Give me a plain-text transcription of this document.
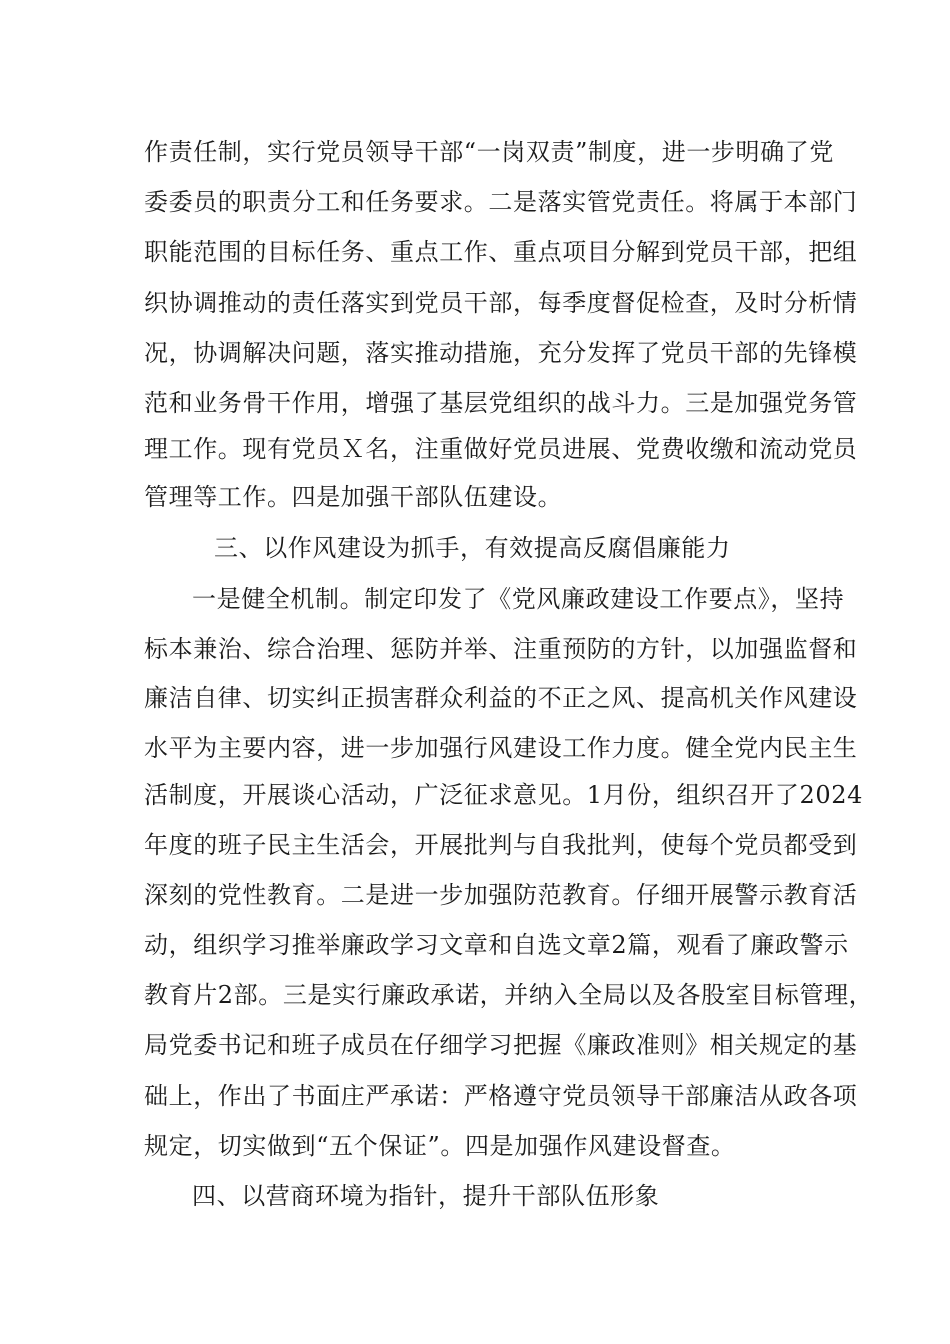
作责任制，实行党员领导干部“一岗双责”制度，进一步明确了党
委委员的职责分工和任务要求。二是落实管党责任。将属于本部门
职能范围的目标任务、重点工作、重点项目分解到党员干部，把组
织协调推动的责任落实到党员干部，每季度督促检查，及时分析情
况，协调解决问题，落实推动措施，充分发挥了党员干部的先锋模
范和业务骨干作用，增强了基层党组织的战斗力。三是加强党务管
理工作。现有党员Ｘ名，注重做好党员进展、党费收缴和流动党员
管理等工作。四是加强干部队伍建设。
三、以作风建设为抓手，有效提高反腐倡廉能力
一是健全机制。制定印发了《党风廉政建设工作要点》，坚持
标本兼治、综合治理、惩防并举、注重预防的方针，以加强监督和
廉洁自律、切实纠正损害群众利益的不正之风、提高机关作风建设
水平为主要内容，进一步加强行风建设工作力度。健全党内民主生
活制度，开展谈心活动，广泛征求意见。1月份，组织召开了2024
年度的班子民主生活会，开展批判与自我批判，使每个党员都受到
深刻的党性教育。二是进一步加强防范教育。仔细开展警示教育活
动，组织学习推举廉政学习文章和自选文章2篇，观看了廉政警示
教育片2部。三是实行廉政承诺，并纳入全局以及各股室目标管理，
局党委书记和班子成员在仔细学习把握《廉政准则》相关规定的基
础上，作出了书面庄严承诺：严格遵守党员领导干部廉洁从政各项
规定，切实做到“五个保证”。四是加强作风建设督查。
四、以营商环境为指针，提升干部队伍形象
